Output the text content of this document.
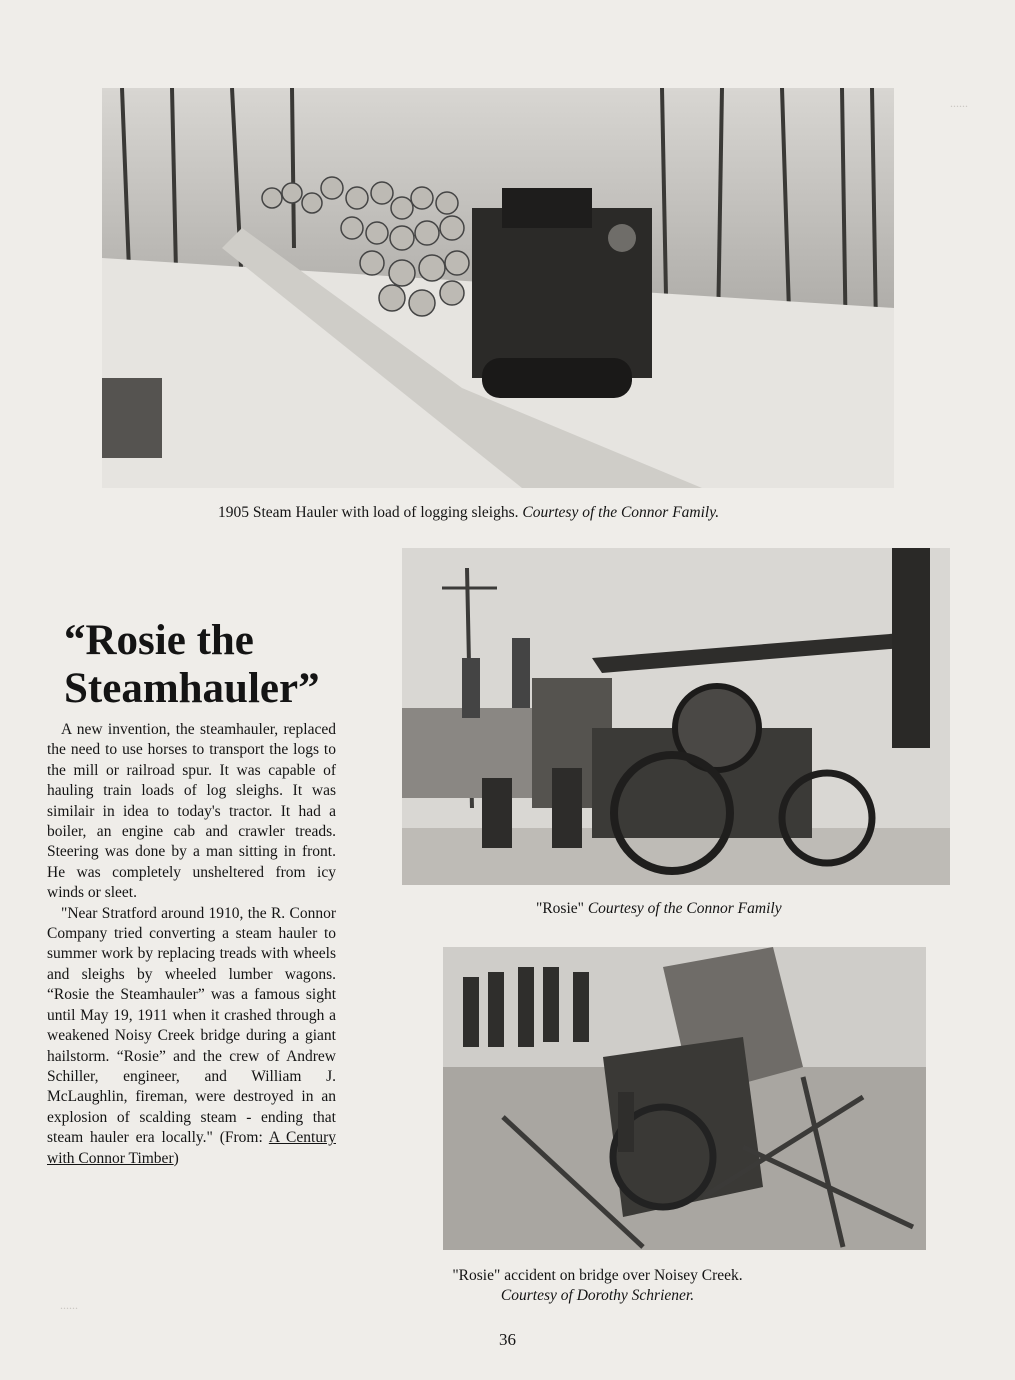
......
......
1905 Steam Hauler with load of logging sleighs. Courtesy of the Connor Family.
“Rosie the
Steamhauler”

A new invention, the steamhauler, replaced the need to use horses to transport the logs to the mill or railroad spur. It was capable of hauling train loads of log sleighs. It was similair in idea to today's tractor. It had a boiler, an engine cab and crawler treads. Steering was done by a man sitting in front. He was completely unsheltered from icy winds or sleet.

"Near Stratford around 1910, the R. Connor Company tried converting a steam hauler to summer work by replacing treads with wheels and sleighs by wheeled lumber wagons. “Rosie the Steamhauler” was a famous sight until May 19, 1911 when it crashed through a weakened Noisy Creek bridge during a giant hailstorm. “Rosie” and the crew of Andrew Schiller, engineer, and William J. McLaughlin, fireman, were destroyed in an explosion of scalding steam - ending that steam hauler era locally." (From: A Century with Connor Timber)

"Rosie" Courtesy of the Connor Family
"Rosie" accident on bridge over Noisey Creek.
Courtesy of Dorothy Schriener.
36
